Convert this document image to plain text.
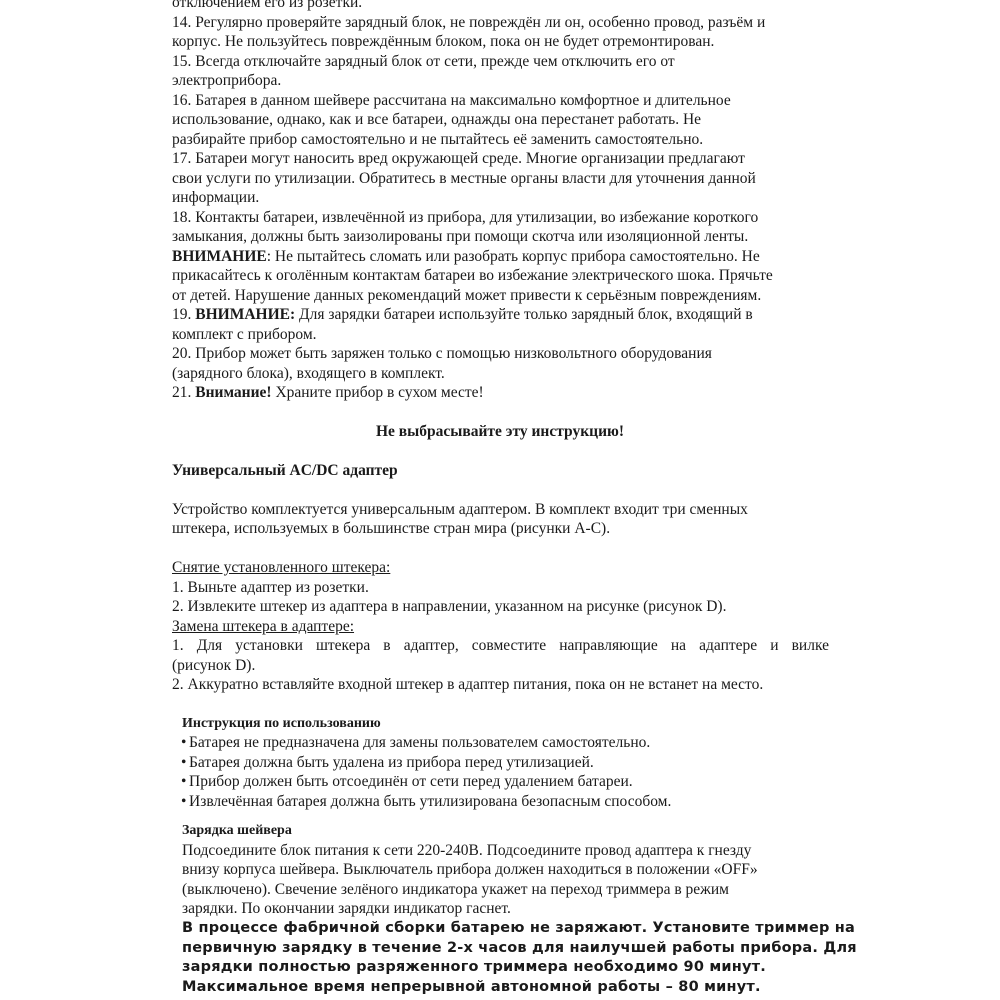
отключением его из розетки.
14. Регулярно проверяйте зарядный блок, не повреждён ли он, особенно провод, разъём и
корпус. Не пользуйтесь повреждённым блоком, пока он не будет отремонтирован.
15. Всегда отключайте зарядный блок от сети, прежде чем отключить его от
электроприбора.
16. Батарея в данном шейвере рассчитана на максимально комфортное и длительное
использование, однако, как и все батареи, однажды она перестанет работать. Не
разбирайте прибор самостоятельно и не пытайтесь её заменить самостоятельно.
17. Батареи могут наносить вред окружающей среде. Многие организации предлагают
свои услуги по утилизации. Обратитесь в местные органы власти для уточнения данной
информации.
18. Контакты батареи, извлечённой из прибора, для утилизации, во избежание короткого
замыкания, должны быть заизолированы при помощи скотча или изоляционной ленты.
ВНИМАНИЕ: Не пытайтесь сломать или разобрать корпус прибора самостоятельно. Не
прикасайтесь к оголённым контактам батареи во избежание электрического шока. Прячьте
от детей. Нарушение данных рекомендаций может привести к серьёзным повреждениям.
19. ВНИМАНИЕ: Для зарядки батареи используйте только зарядный блок, входящий в
комплект с прибором.
20. Прибор может быть заряжен только с помощью низковольтного оборудования
(зарядного блока), входящего в комплект.
21. Внимание! Храните прибор в сухом месте!
Не выбрасывайте эту инструкцию!
Универсальный AC/DC адаптер
Устройство комплектуется универсальным адаптером. В комплект входит три сменных
штекера, используемых в большинстве стран мира (рисунки A-C).
Снятие установленного штекера:
1. Выньте адаптер из розетки.
2. Извлеките штекер из адаптера в направлении, указанном на рисунке (рисунок D).
Замена штекера в адаптере:
1. Для установки штекера в адаптер, совместите направляющие на адаптере и вилке
(рисунок D).
2. Аккуратно вставляйте входной штекер в адаптер питания, пока он не встанет на место.
Инструкция по использованию
• Батарея не предназначена для замены пользователем самостоятельно.
• Батарея должна быть удалена из прибора перед утилизацией.
• Прибор должен быть отсоединён от сети перед удалением батареи.
• Извлечённая батарея должна быть утилизирована безопасным способом.
Зарядка шейвера
Подсоедините блок питания к сети 220-240В. Подсоедините провод адаптера к гнезду
внизу корпуса шейвера. Выключатель прибора должен находиться в положении «OFF»
(выключено). Свечение зелёного индикатора укажет на переход триммера в режим
зарядки. По окончании зарядки индикатор гаснет.
В процессе фабричной сборки батарею не заряжают. Установите триммер на
первичную зарядку в течение 2-х часов для наилучшей работы прибора. Для
зарядки полностью разряженного триммера необходимо 90 минут.
Максимальное время непрерывной автономной работы – 80 минут.
